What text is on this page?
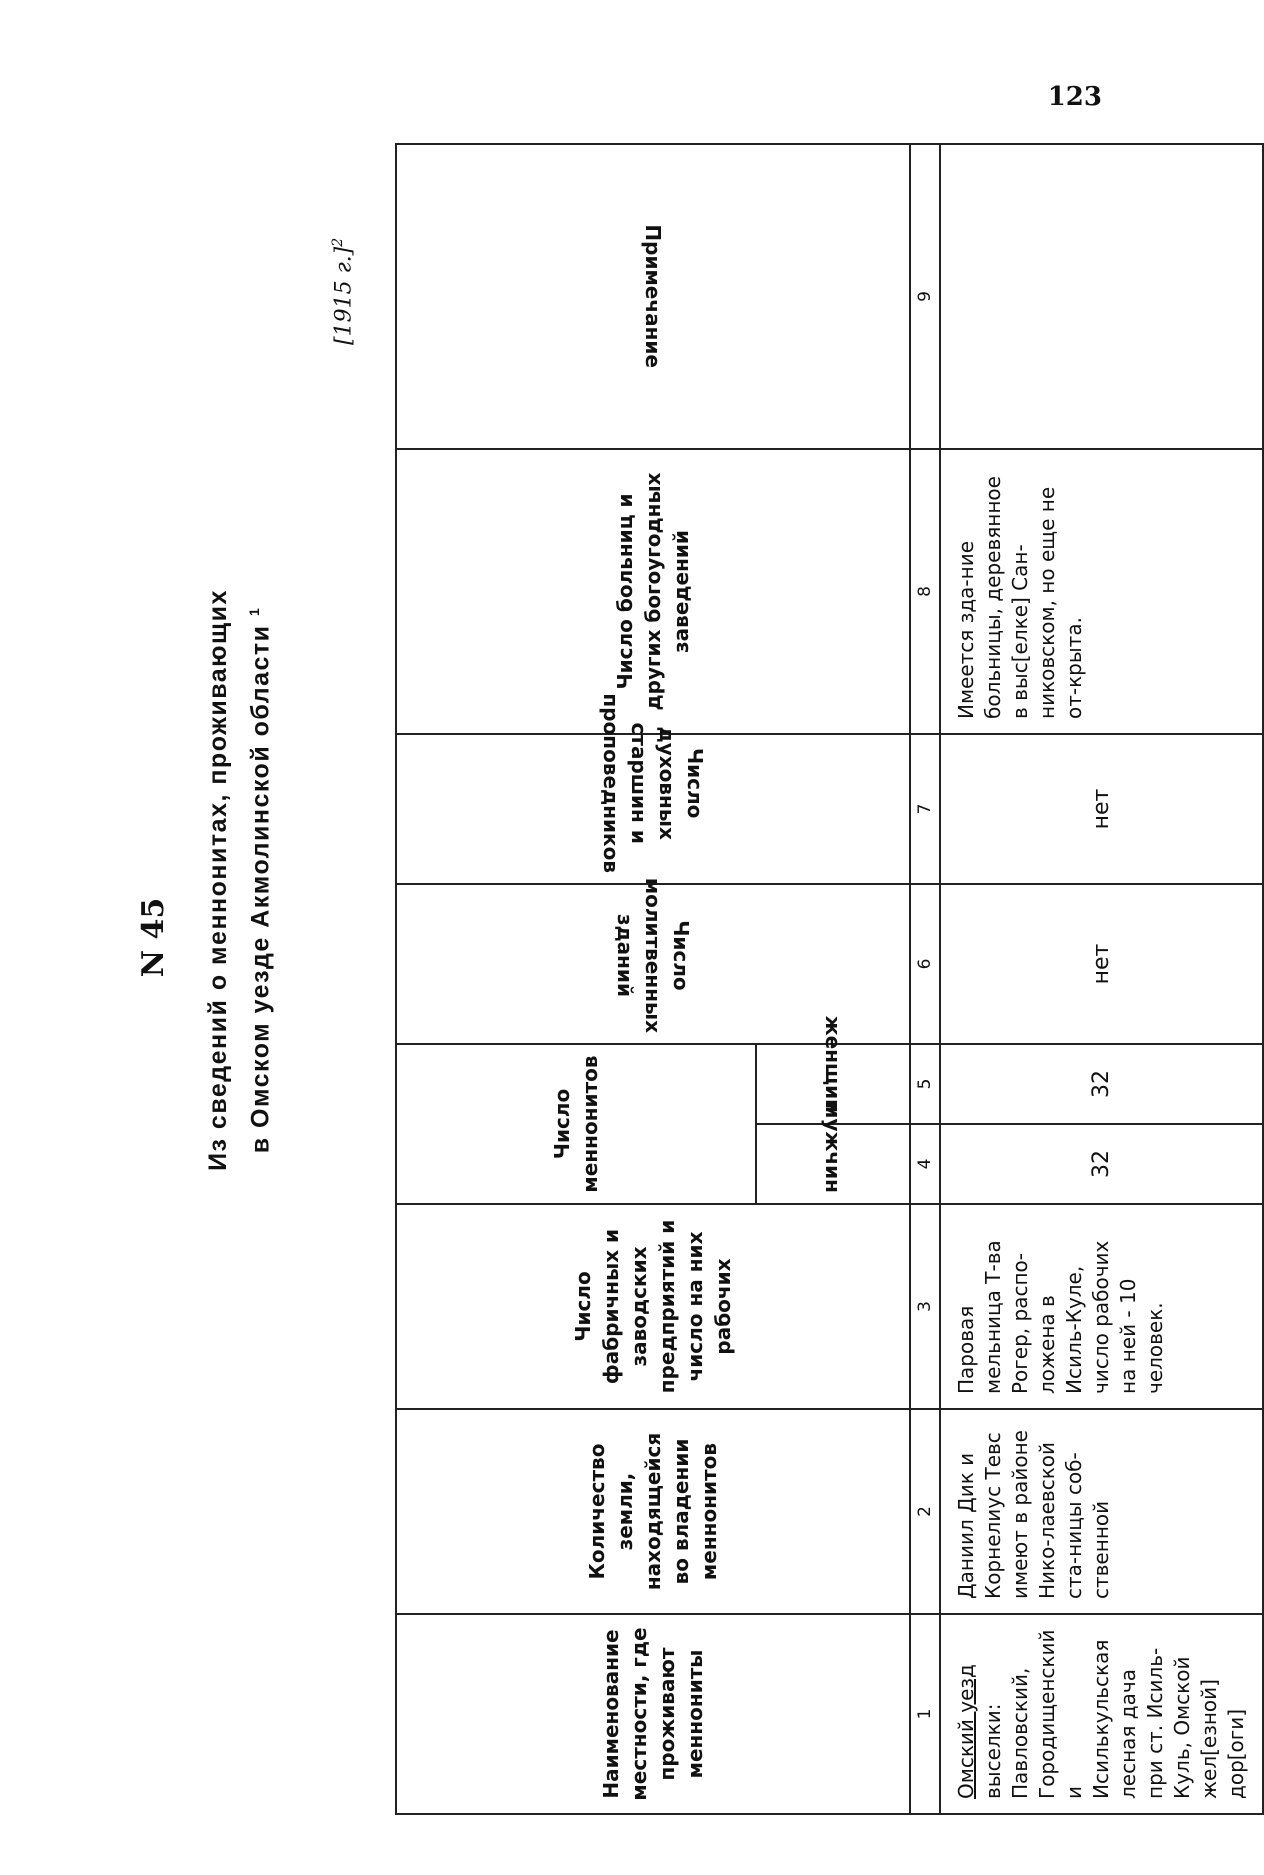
123
N 45 Из сведений о меннонитах, проживающих в Омском уезде Акмолинской области $^1$
[1915 г.]$^2$
Наименование местности, где проживают меннониты	Количество земли, находящейся во владении меннонитов	Число фабричных и заводских предприятий и число на них рабочих	Число меннонитов		Число молитвенных зданий	Число духовных старшин и проповедников	Число больниц и других богоугодных заведений	Примечание
			мужчин	женщин				
1	2	3	4	5	6	7	8	9
Омский уезд выселки: Павловский, Городищенский и Исилькульская лесная дача при ст. Исиль-Куль, Омской жел[езной] дор[оги]	Даниил Дик и Корнелиус Тевс имеют в районе Нико-лаевской ста-ницы соб-ственной	Паровая мельница Т-ва Рогер, распо-ложена в Исиль-Куле, число рабочих на ней - 10 человек.	32	32	нет	нет	Имеется зда-ние больницы, деревянное в выс[елке] Сан-никовском, но еще не от-крыта.	
